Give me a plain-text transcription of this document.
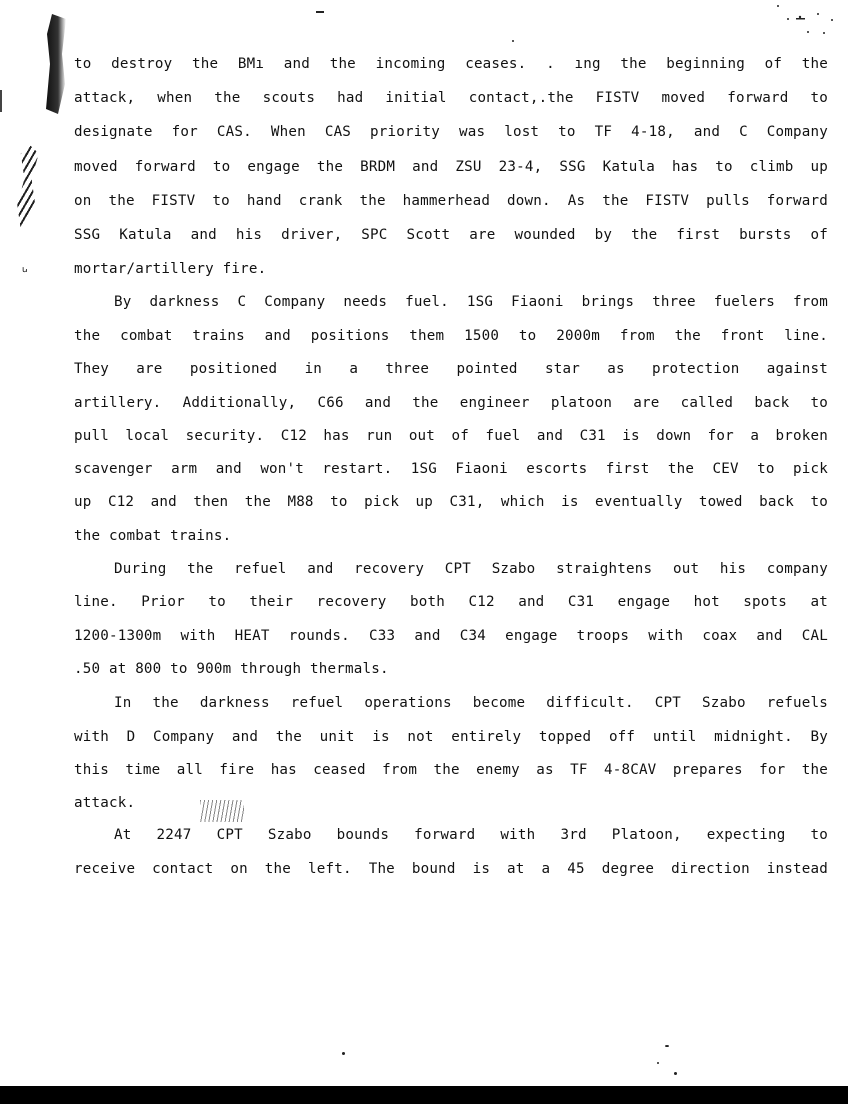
ꭎ
to destroy the BMı and the incoming ceases. . ıng the beginning of the
attack, when the scouts had initial contact,.the FISTV moved forward to
designate for CAS. When CAS priority was lost to TF 4-18, and C Company
moved forward to engage the BRDM and ZSU 23-4, SSG Katula has to climb up
on the FISTV to hand crank the hammerhead down. As the FISTV pulls forward
SSG Katula and his driver, SPC Scott are wounded by the first bursts of
mortar/artillery fire.
By darkness C Company needs fuel. 1SG Fiaoni brings three fuelers from
the combat trains and positions them 1500 to 2000m from the front line.
They are positioned in a three pointed star as protection against
artillery. Additionally, C66 and the engineer platoon are called back to
pull local security. C12 has run out of fuel and C31 is down for a broken
scavenger arm and won't restart. 1SG Fiaoni escorts first the CEV to pick
up C12 and then the M88 to pick up C31, which is eventually towed back to
the combat trains.
During the refuel and recovery CPT Szabo straightens out his company
line. Prior to their recovery both C12 and C31 engage hot spots at
1200-1300m with HEAT rounds. C33 and C34 engage troops with coax and CAL
.50 at 800 to 900m through thermals.
In the darkness refuel operations become difficult. CPT Szabo refuels
with D Company and the unit is not entirely topped off until midnight. By
this time all fire has ceased from the enemy as TF 4-8CAV prepares for the
attack.
At 2247 CPT Szabo bounds forward with 3rd Platoon, expecting to
receive contact on the left. The bound is at a 45 degree direction instead
